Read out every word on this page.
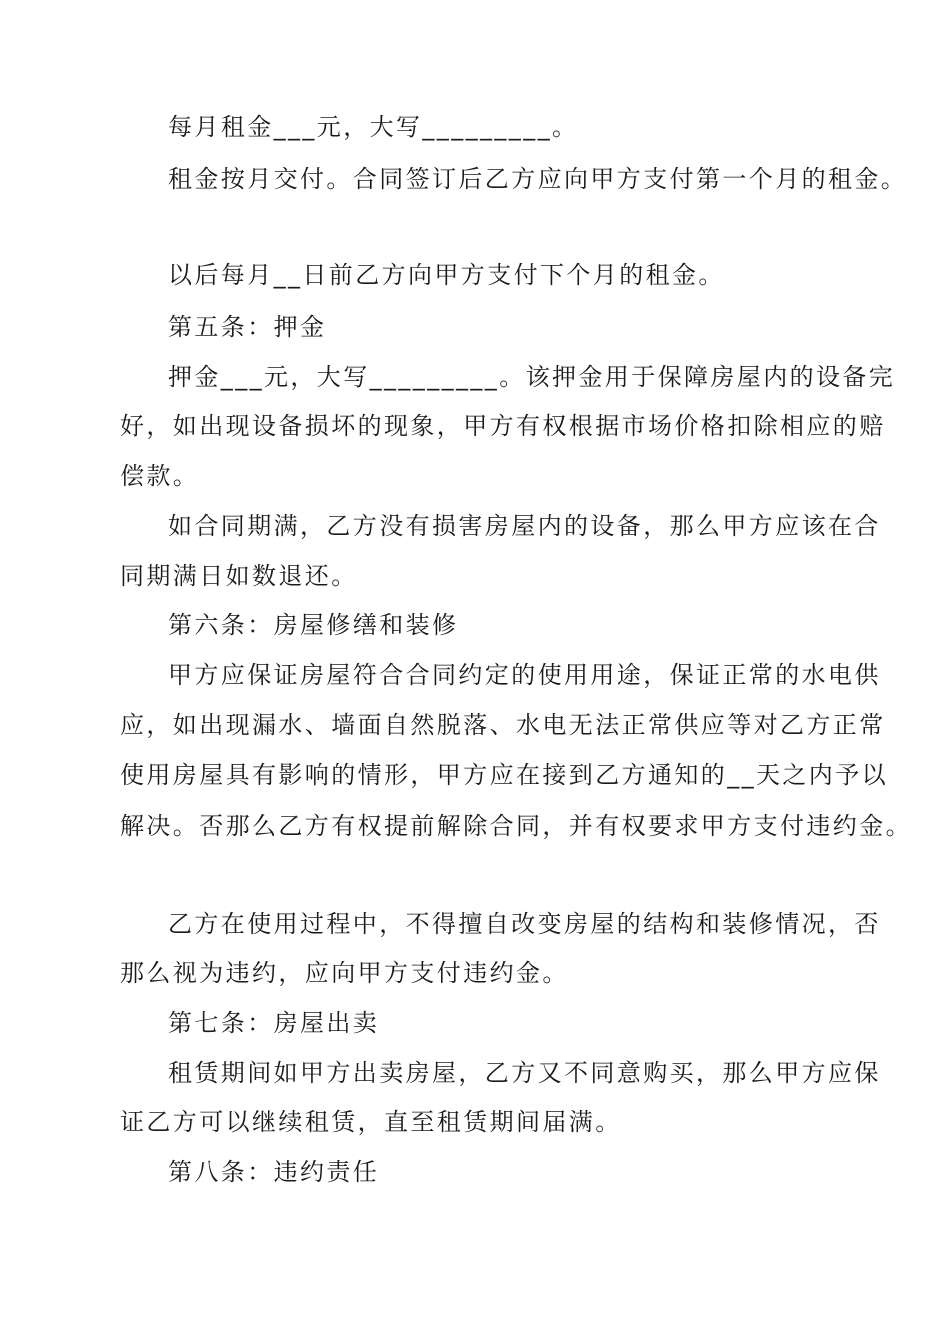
每月租金___元，大写_________。
租金按月交付。合同签订后乙方应向甲方支付第一个月的租金。
以后每月__日前乙方向甲方支付下个月的租金。
第五条：押金
押金___元，大写_________。该押金用于保障房屋内的设备完
好，如出现设备损坏的现象，甲方有权根据市场价格扣除相应的赔
偿款。
如合同期满，乙方没有损害房屋内的设备，那么甲方应该在合
同期满日如数退还。
第六条：房屋修缮和装修
甲方应保证房屋符合合同约定的使用用途，保证正常的水电供
应，如出现漏水、墙面自然脱落、水电无法正常供应等对乙方正常
使用房屋具有影响的情形，甲方应在接到乙方通知的__天之内予以
解决。否那么乙方有权提前解除合同，并有权要求甲方支付违约金。
乙方在使用过程中，不得擅自改变房屋的结构和装修情况，否
那么视为违约，应向甲方支付违约金。
第七条：房屋出卖
租赁期间如甲方出卖房屋，乙方又不同意购买，那么甲方应保
证乙方可以继续租赁，直至租赁期间届满。
第八条：违约责任
